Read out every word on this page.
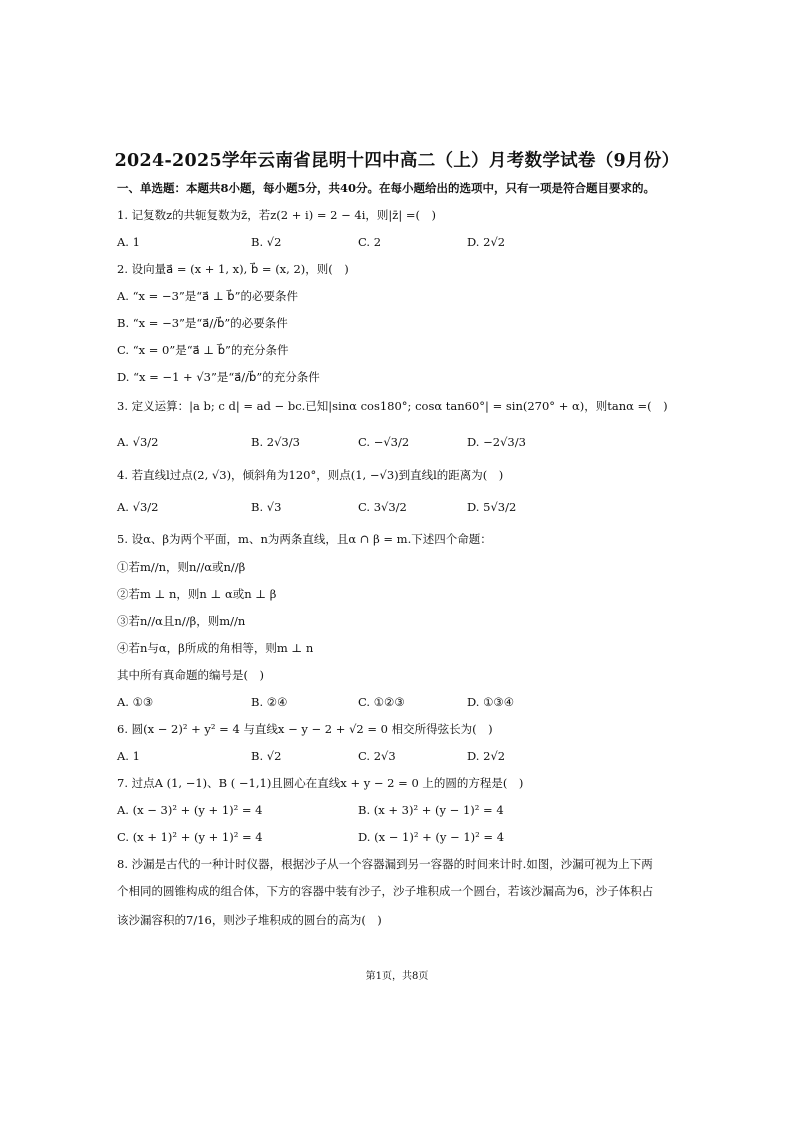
2024-2025学年云南省昆明十四中高二（上）月考数学试卷（9月份）
一、单选题：本题共8小题，每小题5分，共40分。在每小题给出的选项中，只有一项是符合题目要求的。
1. 记复数z的共轭复数为z̄，若z(2 + i) = 2 − 4i，则|z̄| =(　)
A. 1	B. √2	C. 2	D. 2√2
2. 设向量a⃗ = (x + 1, x), b⃗ = (x, 2)，则(　)
A. “x = −3”是“a⃗ ⊥ b⃗”的必要条件
B. “x = −3”是“a⃗//b⃗”的必要条件
C. “x = 0”是“a⃗ ⊥ b⃗”的充分条件
D. “x = −1 + √3”是“a⃗//b⃗”的充分条件
3. 定义运算：|a b; c d| = ad − bc.已知|sinα cos180°; cosα tan60°| = sin(270° + α)，则tanα =(　)
A. √3/2	B. 2√3/3	C. −√3/2	D. −2√3/3
4. 若直线l过点(2, √3)，倾斜角为120°，则点(1, −√3)到直线l的距离为(　)
A. √3/2	B. √3	C. 3√3/2	D. 5√3/2
5. 设α、β为两个平面，m、n为两条直线，且α ∩ β = m.下述四个命题：
①若m//n，则n//α或n//β
②若m ⊥ n，则n ⊥ α或n ⊥ β
③若n//α且n//β，则m//n
④若n与α，β所成的角相等，则m ⊥ n
其中所有真命题的编号是(　)
A. ①③	B. ②④	C. ①②③	D. ①③④
6. 圆(x − 2)² + y² = 4 与直线x − y − 2 + √2 = 0 相交所得弦长为(　)
A. 1	B. √2	C. 2√3	D. 2√2
7. 过点A (1, −1)、B ( −1,1)且圆心在直线x + y − 2 = 0 上的圆的方程是(　)
A. (x − 3)² + (y + 1)² = 4	B. (x + 3)² + (y − 1)² = 4
C. (x + 1)² + (y + 1)² = 4	D. (x − 1)² + (y − 1)² = 4
8. 沙漏是古代的一种计时仪器，根据沙子从一个容器漏到另一容器的时间来计时.如图，沙漏可视为上下两
个相同的圆锥构成的组合体，下方的容器中装有沙子，沙子堆积成一个圆台，若该沙漏高为6，沙子体积占
该沙漏容积的7/16，则沙子堆积成的圆台的高为(　)
第1页，共8页
